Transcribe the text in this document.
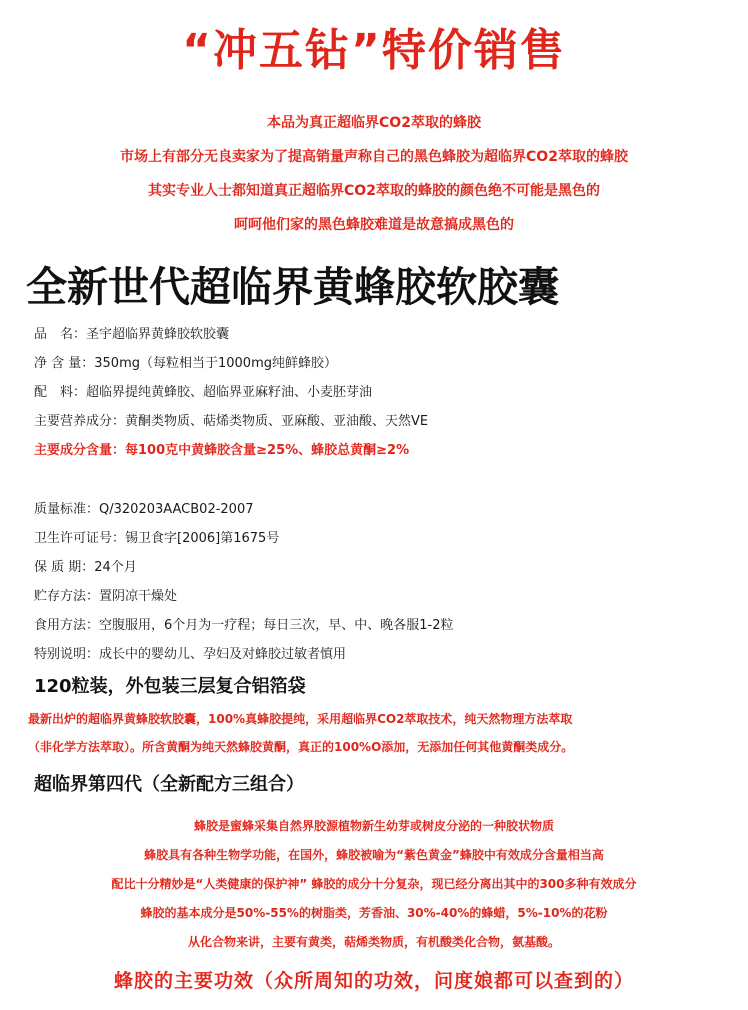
“冲五钻”特价销售

本品为真正超临界CO2萃取的蜂胶

市场上有部分无良卖家为了提高销量声称自己的黑色蜂胶为超临界CO2萃取的蜂胶

其实专业人士都知道真正超临界CO2萃取的蜂胶的颜色绝不可能是黑色的

呵呵他们家的黑色蜂胶难道是故意搞成黑色的

全新世代超临界黄蜂胶软胶囊
品　名：圣宇超临界黄蜂胶软胶囊
净 含 量：350mg（每粒相当于1000mg纯鲜蜂胶）
配　料：超临界提纯黄蜂胶、超临界亚麻籽油、小麦胚芽油
主要营养成分：黄酮类物质、萜烯类物质、亚麻酸、亚油酸、天然VE
主要成分含量：每100克中黄蜂胶含量≥25%、蜂胶总黄酮≥2%
质量标准：Q/320203AACB02-2007
卫生许可证号：锡卫食字[2006]第1675号
保 质 期：24个月
贮存方法：置阴凉干燥处
食用方法：空腹服用，6个月为一疗程；每日三次，早、中、晚各服1-2粒
特别说明：成长中的婴幼儿、孕妇及对蜂胶过敏者慎用
120粒装，外包装三层复合铝箔袋

最新出炉的超临界黄蜂胶软胶囊，100%真蜂胶提纯，采用超临界CO2萃取技术，纯天然物理方法萃取

（非化学方法萃取）。所含黄酮为纯天然蜂胶黄酮，真正的100%O添加，无添加任何其他黄酮类成分。

超临界第四代（全新配方三组合）

蜂胶是蜜蜂采集自然界胶源植物新生幼芽或树皮分泌的一种胶状物质

蜂胶具有各种生物学功能，在国外，蜂胶被喻为“紫色黄金”蜂胶中有效成分含量相当高

配比十分精妙是“人类健康的保护神” 蜂胶的成分十分复杂，现已经分离出其中的300多种有效成分

蜂胶的基本成分是50%-55%的树脂类，芳香油、30%-40%的蜂蜡，5%-10%的花粉

从化合物来讲，主要有黄类，萜烯类物质，有机酸类化合物，氨基酸。

蜂胶的主要功效（众所周知的功效，问度娘都可以查到的）
